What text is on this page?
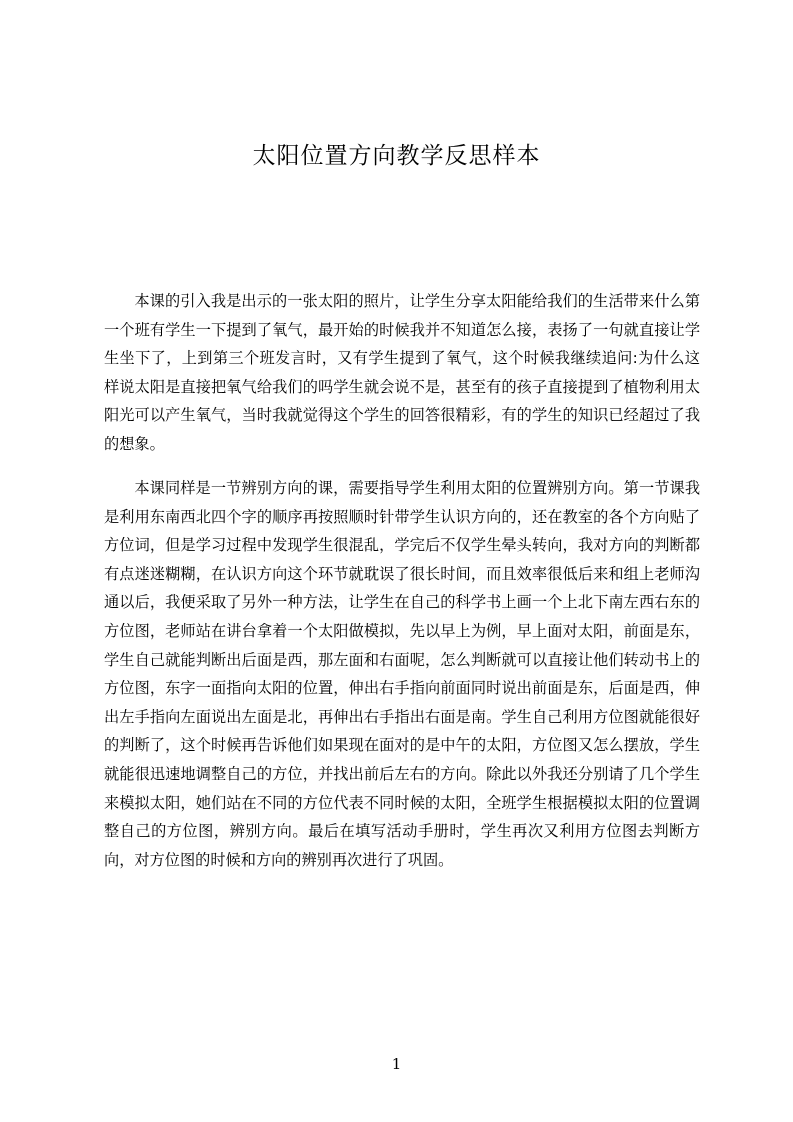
太阳位置方向教学反思样本

本课的引入我是出示的一张太阳的照片，让学生分享太阳能给我们的生活带来什么第一个班有学生一下提到了氧气，最开始的时候我并不知道怎么接，表扬了一句就直接让学生坐下了，上到第三个班发言时，又有学生提到了氧气，这个时候我继续追问:为什么这样说太阳是直接把氧气给我们的吗学生就会说不是，甚至有的孩子直接提到了植物利用太阳光可以产生氧气，当时我就觉得这个学生的回答很精彩，有的学生的知识已经超过了我的想象。

本课同样是一节辨别方向的课，需要指导学生利用太阳的位置辨别方向。第一节课我是利用东南西北四个字的顺序再按照顺时针带学生认识方向的，还在教室的各个方向贴了方位词，但是学习过程中发现学生很混乱，学完后不仅学生晕头转向，我对方向的判断都有点迷迷糊糊，在认识方向这个环节就耽误了很长时间，而且效率很低后来和组上老师沟通以后，我便采取了另外一种方法，让学生在自己的科学书上画一个上北下南左西右东的方位图，老师站在讲台拿着一个太阳做模拟，先以早上为例，早上面对太阳，前面是东，学生自己就能判断出后面是西，那左面和右面呢，怎么判断就可以直接让他们转动书上的方位图，东字一面指向太阳的位置，伸出右手指向前面同时说出前面是东，后面是西，伸出左手指向左面说出左面是北，再伸出右手指出右面是南。学生自己利用方位图就能很好的判断了，这个时候再告诉他们如果现在面对的是中午的太阳，方位图又怎么摆放，学生就能很迅速地调整自己的方位，并找出前后左右的方向。除此以外我还分别请了几个学生来模拟太阳，她们站在不同的方位代表不同时候的太阳，全班学生根据模拟太阳的位置调整自己的方位图，辨别方向。最后在填写活动手册时，学生再次又利用方位图去判断方向，对方位图的时候和方向的辨别再次进行了巩固。

1
